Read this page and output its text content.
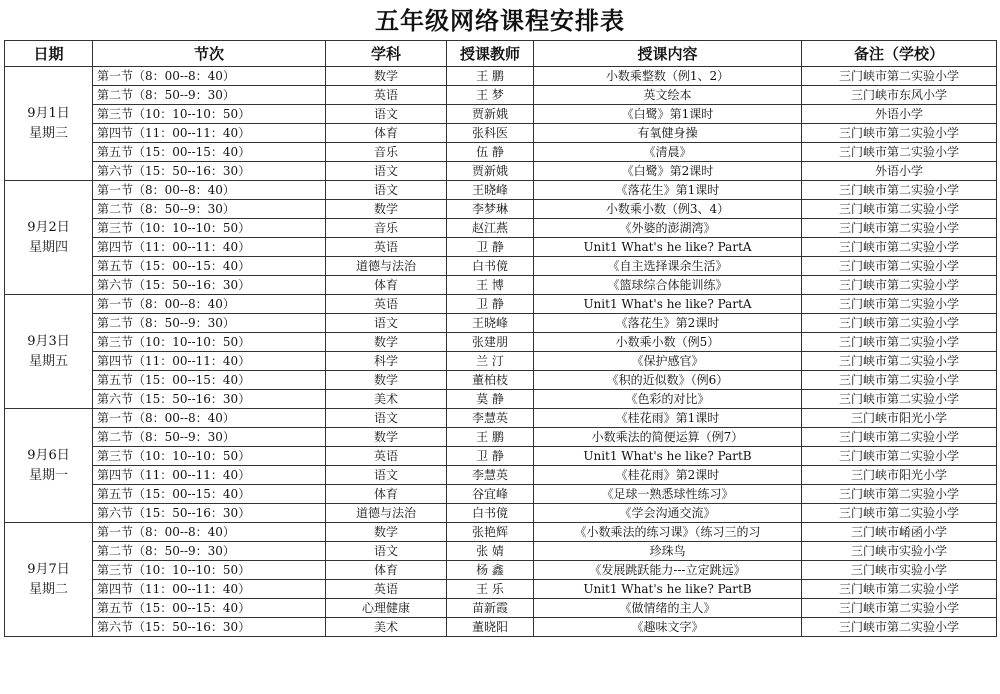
五年级网络课程安排表
日期	节次	学科	授课教师	授课内容	备注（学校）

9月1日
星期三	第一节（8：00--8：40）	数学	王 鹏	小数乘整数（例1、2）	三门峡市第二实验小学
	第二节（8：50--9：30）	英语	王 梦	英文绘本	三门峡市东风小学
	第三节（10：10--10：50）	语文	贾新娥	《白鹭》第1课时	外语小学
	第四节（11：00--11：40）	体育	张科医	有氧健身操	三门峡市第二实验小学
	第五节（15：00--15：40）	音乐	伍 静	《清晨》	三门峡市第二实验小学
	第六节（15：50--16：30）	语文	贾新娥	《白鹭》第2课时	外语小学

9月2日
星期四	第一节（8：00--8：40）	语文	王晓峰	《落花生》第1课时	三门峡市第二实验小学
	第二节（8：50--9：30）	数学	李梦琳	小数乘小数（例3、4）	三门峡市第二实验小学
	第三节（10：10--10：50）	音乐	赵江燕	《外婆的澎湖湾》	三门峡市第二实验小学
	第四节（11：00--11：40）	英语	卫 静	Unit1 What's he like? PartA	三门峡市第二实验小学
	第五节（15：00--15：40）	道德与法治	白书傹	《自主选择课余生活》	三门峡市第二实验小学
	第六节（15：50--16：30）	体育	王 博	《篮球综合体能训练》	三门峡市第二实验小学

9月3日
星期五	第一节（8：00--8：40）	英语	卫 静	Unit1 What's he like? PartA	三门峡市第二实验小学
	第二节（8：50--9：30）	语文	王晓峰	《落花生》第2课时	三门峡市第二实验小学
	第三节（10：10--10：50）	数学	张建朋	小数乘小数（例5）	三门峡市第二实验小学
	第四节（11：00--11：40）	科学	兰 汀	《保护感官》	三门峡市第二实验小学
	第五节（15：00--15：40）	数学	董柏枝	《积的近似数》（例6）	三门峡市第二实验小学
	第六节（15：50--16：30）	美术	莫 静	《色彩的对比》	三门峡市第二实验小学

9月6日
星期一	第一节（8：00--8：40）	语文	李慧英	《桂花雨》第1课时	三门峡市阳光小学
	第二节（8：50--9：30）	数学	王 鹏	小数乘法的简便运算（例7）	三门峡市第二实验小学
	第三节（10：10--10：50）	英语	卫 静	Unit1 What's he like? PartB	三门峡市第二实验小学
	第四节（11：00--11：40）	语文	李慧英	《桂花雨》第2课时	三门峡市阳光小学
	第五节（15：00--15：40）	体育	谷宜峰	《足球一熟悉球性练习》	三门峡市第二实验小学
	第六节（15：50--16：30）	道德与法治	白书傹	《学会沟通交流》	三门峡市第二实验小学

9月7日
星期二	第一节（8：00--8：40）	数学	张艳辉	《小数乘法的练习课》（练习三的习	三门峡市崤函小学
	第二节（8：50--9：30）	语文	张 婧	珍珠鸟	三门峡市实验小学
	第三节（10：10--10：50）	体育	杨 鑫	《发展跳跃能力---立定跳远》	三门峡市实验小学
	第四节（11：00--11：40）	英语	王 乐	Unit1 What's he like? PartB	三门峡市第二实验小学
	第五节（15：00--15：40）	心理健康	苗新霞	《做情绪的主人》	三门峡市第二实验小学
	第六节（15：50--16：30）	美术	董晓阳	《趣味文字》	三门峡市第二实验小学
